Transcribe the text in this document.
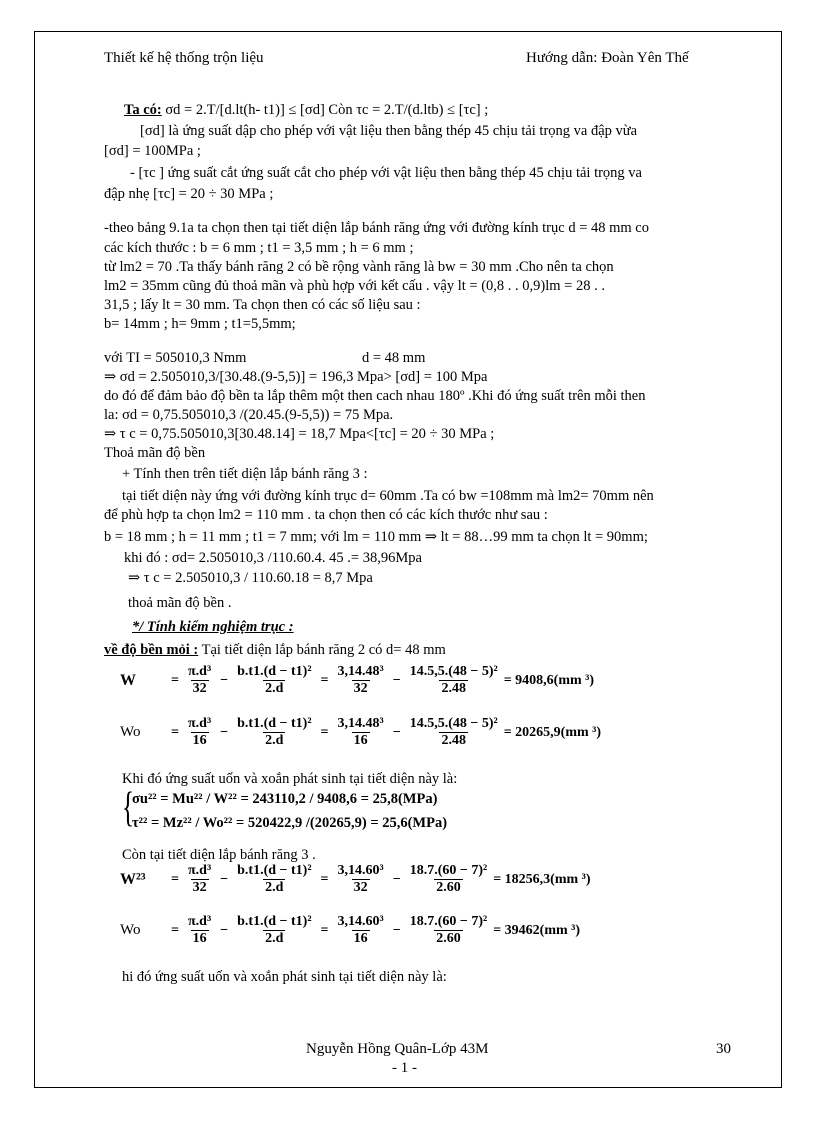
Thiết kế hệ thống trộn liệu	Hướng dẫn: Đoàn Yên Thế
Ta có: σd = 2.T/[d.lt(h- t1)] ≤ [σd] Còn τc = 2.T/(d.ltb) ≤ [τc] ;
[σd] là ứng suất dập cho phép với vật liệu then bằng thép 45 chịu tải trọng va đập vừa
[σd] = 100MPa ;
- [τc ] ứng suất cắt ứng suất cắt cho phép với vật liệu then bằng thép 45 chịu tải trọng va
đập nhẹ [τc] = 20 ÷ 30 MPa ;
-theo bảng 9.1a ta chọn then tại tiết diện lắp bánh răng ứng với đường kính trục d = 48 mm co
các kích thước : b = 6 mm ; t1 = 3,5 mm ; h = 6 mm ;
từ lm2 = 70 .Ta thấy bánh răng 2 có bề rộng vành răng là bw = 30 mm .Cho nên ta chọn
lm2 = 35mm cũng đủ thoả mãn và phù hợp với kết cấu . vậy lt = (0,8 . . 0,9)lm = 28 . .
31,5 ; lấy lt = 30 mm. Ta chọn then có các số liệu sau :
b= 14mm ; h= 9mm ; t1=5,5mm;
với TI = 505010,3 Nmm	d = 48 mm
⇒ σd = 2.505010,3/[30.48.(9-5,5)] = 196,3 Mpa> [σd] = 100 Mpa
do đó để đảm bảo độ bền ta lắp thêm một then cach nhau 180º .Khi đó ứng suất trên mỗi then
la: σd = 0,75.505010,3 /(20.45.(9-5,5)) = 75 Mpa.
⇒ τ c = 0,75.505010,3[30.48.14] = 18,7 Mpa<[τc] = 20 ÷ 30 MPa ;
Thoả mãn độ bền
+ Tính then trên tiết diện lắp bánh răng 3 :
tại tiết diện này ứng với đường kính trục d= 60mm .Ta có bw =108mm mà lm2= 70mm nên
để phù hợp ta chọn lm2 = 110 mm . ta chọn then có các kích thước như sau :
b = 18 mm ; h = 11 mm ; t1 = 7 mm; với lm = 110 mm ⇒ lt = 88…99 mm ta chọn lt = 90mm;
khi đó : σd= 2.505010,3 /110.60.4. 45 .= 38,96Mpa
⇒ τ c = 2.505010,3 / 110.60.18 = 8,7 Mpa
thoả mãn độ bền .
*/ Tính kiểm nghiệm trục :
về độ bền mỏi : Tại tiết diện lắp bánh răng 2 có d= 48 mm
W	= $\frac{\text{π.d³}}{32} - \frac{\text{b.t1.(d − t1)²}}{2.d} = \frac{\text{3,14.48³}}{32} - \frac{\text{14.5,5.(48 − 5)²}}{2.48} = 9408,6(mm$ ³)
Wo	= $\frac{\text{π.d³}}{16} - \frac{\text{b.t1.(d − t1)²}}{2.d} = \frac{\text{3,14.48³}}{16} - \frac{\text{14.5,5.(48 − 5)²}}{2.48} = 20265,9(mm$ ³)
Khi đó ứng suất uốn và xoắn phát sinh tại tiết diện này là:
{
σu²² = Mu²² / W²² = 243110,2 / 9408,6 = 25,8(MPa)
τ²² = Mz²² / Wo²² = 520422,9 /(20265,9) = 25,6(MPa)
Còn tại tiết diện lắp bánh răng 3 .
W²³	= $\frac{\text{π.d³}}{32} - \frac{\text{b.t1.(d − t1)²}}{2.d} = \frac{\text{3,14.60³}}{32} - \frac{\text{18.7.(60 − 7)²}}{2.60} = 18256,3(mm$ ³)
Wo	= $\frac{\text{π.d³}}{16} - \frac{\text{b.t1.(d − t1)²}}{2.d} = \frac{\text{3,14.60³}}{16} - \frac{\text{18.7.(60 − 7)²}}{2.60} = 39462(mm$ ³)
hi đó ứng suất uốn và xoắn phát sinh tại tiết diện này là:
Nguyễn Hồng Quân-Lớp 43M	30
- 1 -
